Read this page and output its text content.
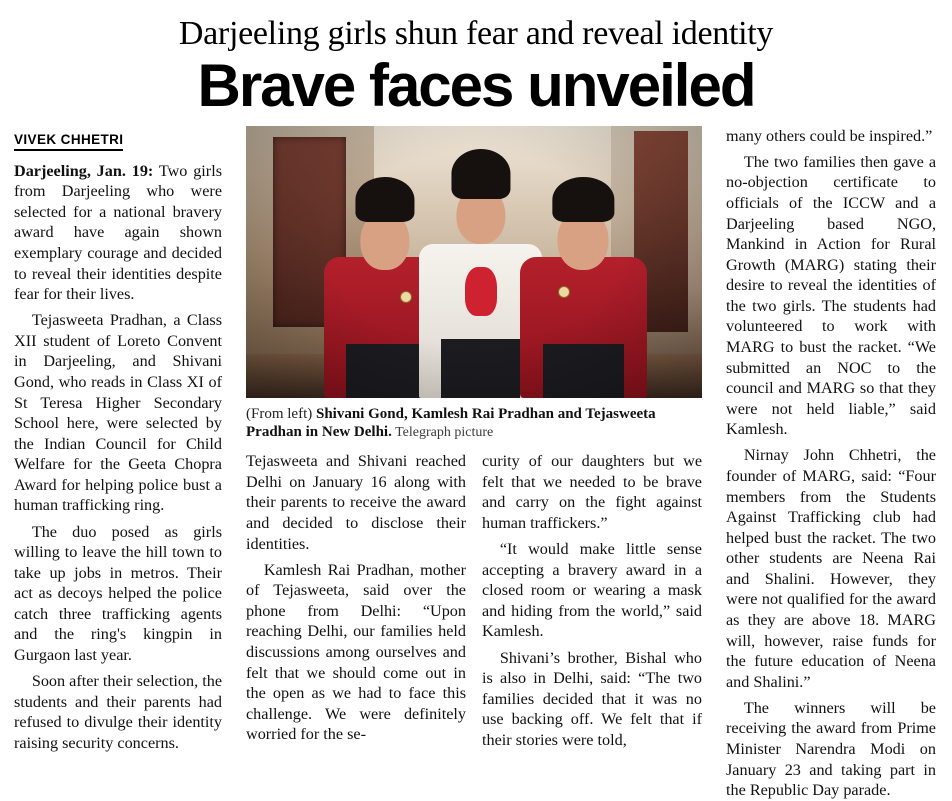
Darjeeling girls shun fear and reveal identity
Brave faces unveiled
VIVEK CHHETRI

Darjeeling, Jan. 19: Two girls from Darjeeling who were selected for a national bravery award have again shown exemplary courage and decided to reveal their identities despite fear for their lives.

Tejasweeta Pradhan, a Class XII student of Loreto Convent in Darjeeling, and Shivani Gond, who reads in Class XI of St Teresa Higher Secondary School here, were selected by the Indian Council for Child Welfare for the Geeta Chopra Award for helping police bust a human trafficking ring.

The duo posed as girls willing to leave the hill town to take up jobs in metros. Their act as decoys helped the police catch three trafficking agents and the ring's kingpin in Gurgaon last year.

Soon after their selection, the students and their parents had refused to divulge their identity raising security concerns.

(From left) Shivani Gond, Kamlesh Rai Pradhan and Tejasweeta Pradhan in New Delhi. Telegraph picture

Tejasweeta and Shivani reached Delhi on January 16 along with their parents to receive the award and decided to disclose their identities.

Kamlesh Rai Pradhan, mother of Tejasweeta, said over the phone from Delhi: “Upon reaching Delhi, our families held discussions among ourselves and felt that we should come out in the open as we had to face this challenge. We were definitely worried for the se-

curity of our daughters but we felt that we needed to be brave and carry on the fight against human traffickers.”

“It would make little sense accepting a bravery award in a closed room or wearing a mask and hiding from the world,” said Kamlesh.

Shivani’s brother, Bishal who is also in Delhi, said: “The two families decided that it was no use backing off. We felt that if their stories were told,

many others could be inspired.”

The two families then gave a no-objection certificate to officials of the ICCW and a Darjeeling based NGO, Mankind in Action for Rural Growth (MARG) stating their desire to reveal the identities of the two girls. The students had volunteered to work with MARG to bust the racket. “We submitted an NOC to the council and MARG so that they were not held liable,” said Kamlesh.

Nirnay John Chhetri, the founder of MARG, said: “Four members from the Students Against Trafficking club had helped bust the racket. The two other students are Neena Rai and Shalini. However, they were not qualified for the award as they are above 18. MARG will, however, raise funds for the future education of Neena and Shalini.”

The winners will be receiving the award from Prime Minister Narendra Modi on January 23 and taking part in the Republic Day parade.
